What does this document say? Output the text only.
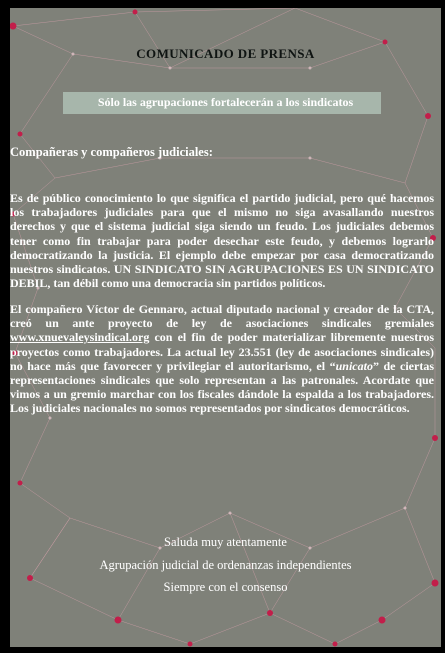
COMUNICADO DE PRENSA
Sólo las agrupaciones fortalecerán a los sindicatos
Compañeras y compañeros judiciales:
Es de público conocimiento lo que significa el partido judicial, pero qué hacemos los trabajadores judiciales para que el mismo no siga avasallando nuestros derechos y que el sistema judicial siga siendo un feudo. Los judiciales debemos tener como fin trabajar para poder desechar este feudo, y debemos lograrlo democratizando la justicia. El ejemplo debe empezar por casa democratizando nuestros sindicatos. UN SINDICATO SIN AGRUPACIONES ES UN SINDICATO DEBIL, tan débil como una democracia sin partidos políticos.
El compañero Víctor de Gennaro, actual diputado nacional y creador de la CTA, creó un ante proyecto de ley de asociaciones sindicales gremiales www.xnuevaleysindical.org con el fin de poder materializar libremente nuestros proyectos como trabajadores. La actual ley 23.551 (ley de asociaciones sindicales) no hace más que favorecer y privilegiar el autoritarismo, el “unicato” de ciertas representaciones sindicales que solo representan a las patronales. Acordate que vimos a un gremio marchar con los fiscales dándole la espalda a los trabajadores. Los judiciales nacionales no somos representados por sindicatos democráticos.
Saluda muy atentamente
Agrupación judicial de ordenanzas independientes
Siempre con el consenso
